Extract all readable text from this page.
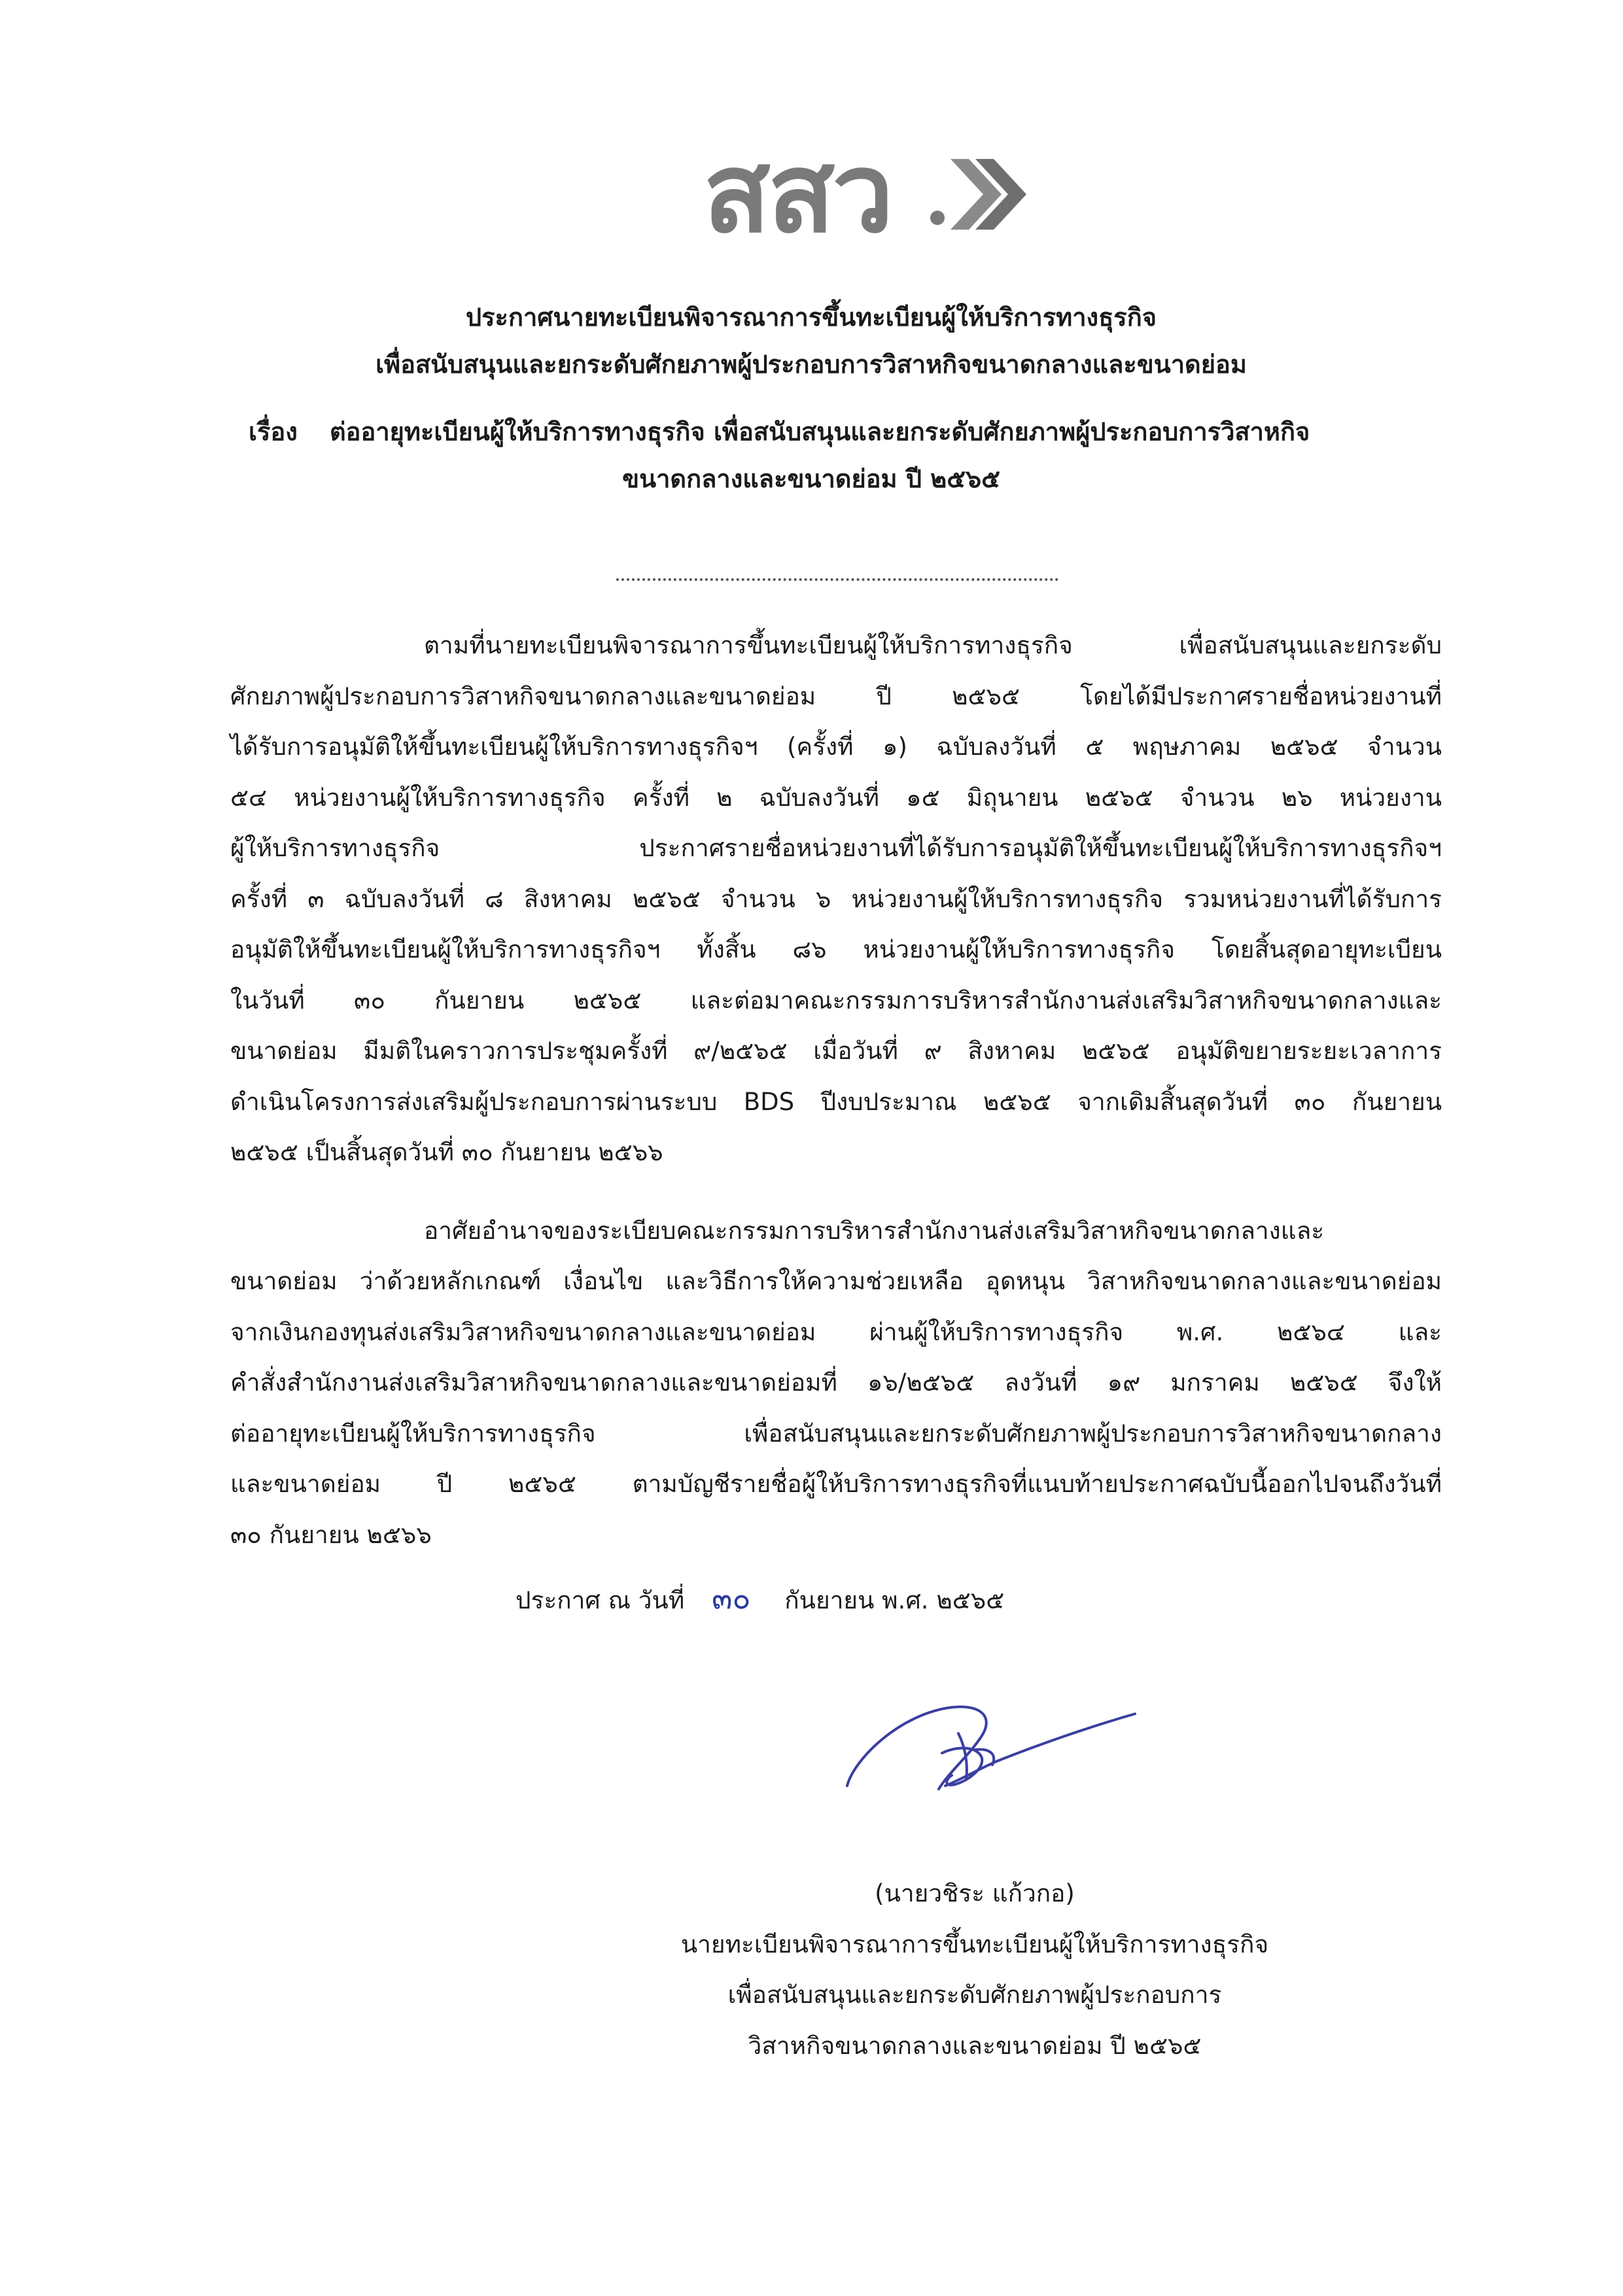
สสว
ประกาศนายทะเบียนพิจารณาการขึ้นทะเบียนผู้ให้บริการทางธุรกิจ
เพื่อสนับสนุนและยกระดับศักยภาพผู้ประกอบการวิสาหกิจขนาดกลางและขนาดย่อม
เรื่อง ต่ออายุทะเบียนผู้ให้บริการทางธุรกิจ เพื่อสนับสนุนและยกระดับศักยภาพผู้ประกอบการวิสาหกิจ
ขนาดกลางและขนาดย่อม ปี ๒๕๖๕
ตามที่นายทะเบียนพิจารณาการขึ้นทะเบียนผู้ให้บริการทางธุรกิจ เพื่อสนับสนุนและยกระดับ
ศักยภาพผู้ประกอบการวิสาหกิจขนาดกลางและขนาดย่อม ปี ๒๕๖๕ โดยได้มีประกาศรายชื่อหน่วยงานที่
ได้รับการอนุมัติให้ขึ้นทะเบียนผู้ให้บริการทางธุรกิจฯ (ครั้งที่ ๑) ฉบับลงวันที่ ๕ พฤษภาคม ๒๕๖๕ จำนวน
๕๔ หน่วยงานผู้ให้บริการทางธุรกิจ ครั้งที่ ๒ ฉบับลงวันที่ ๑๕ มิถุนายน ๒๕๖๕ จำนวน ๒๖ หน่วยงาน
ผู้ให้บริการทางธุรกิจ ประกาศรายชื่อหน่วยงานที่ได้รับการอนุมัติให้ขึ้นทะเบียนผู้ให้บริการทางธุรกิจฯ
ครั้งที่ ๓ ฉบับลงวันที่ ๘ สิงหาคม ๒๕๖๕ จำนวน ๖ หน่วยงานผู้ให้บริการทางธุรกิจ รวมหน่วยงานที่ได้รับการ
อนุมัติให้ขึ้นทะเบียนผู้ให้บริการทางธุรกิจฯ ทั้งสิ้น ๘๖ หน่วยงานผู้ให้บริการทางธุรกิจ โดยสิ้นสุดอายุทะเบียน
ในวันที่ ๓๐ กันยายน ๒๕๖๕ และต่อมาคณะกรรมการบริหารสำนักงานส่งเสริมวิสาหกิจขนาดกลางและ
ขนาดย่อม มีมติในคราวการประชุมครั้งที่ ๙/๒๕๖๕ เมื่อวันที่ ๙ สิงหาคม ๒๕๖๕ อนุมัติขยายระยะเวลาการ
ดำเนินโครงการส่งเสริมผู้ประกอบการผ่านระบบ BDS ปีงบประมาณ ๒๕๖๕ จากเดิมสิ้นสุดวันที่ ๓๐ กันยายน
๒๕๖๕ เป็นสิ้นสุดวันที่ ๓๐ กันยายน ๒๕๖๖
อาศัยอำนาจของระเบียบคณะกรรมการบริหารสำนักงานส่งเสริมวิสาหกิจขนาดกลางและ
ขนาดย่อม ว่าด้วยหลักเกณฑ์ เงื่อนไข และวิธีการให้ความช่วยเหลือ อุดหนุน วิสาหกิจขนาดกลางและขนาดย่อม
จากเงินกองทุนส่งเสริมวิสาหกิจขนาดกลางและขนาดย่อม ผ่านผู้ให้บริการทางธุรกิจ พ.ศ. ๒๕๖๔ และ
คำสั่งสำนักงานส่งเสริมวิสาหกิจขนาดกลางและขนาดย่อมที่ ๑๖/๒๕๖๕ ลงวันที่ ๑๙ มกราคม ๒๕๖๕ จึงให้
ต่ออายุทะเบียนผู้ให้บริการทางธุรกิจ เพื่อสนับสนุนและยกระดับศักยภาพผู้ประกอบการวิสาหกิจขนาดกลาง
และขนาดย่อม ปี ๒๕๖๕ ตามบัญชีรายชื่อผู้ให้บริการทางธุรกิจที่แนบท้ายประกาศฉบับนี้ออกไปจนถึงวันที่
๓๐ กันยายน ๒๕๖๖
ประกาศ ณ วันที่ ๓๐ กันยายน พ.ศ. ๒๕๖๕
(นายวชิระ แก้วกอ)
นายทะเบียนพิจารณาการขึ้นทะเบียนผู้ให้บริการทางธุรกิจ
เพื่อสนับสนุนและยกระดับศักยภาพผู้ประกอบการ
วิสาหกิจขนาดกลางและขนาดย่อม ปี ๒๕๖๕
